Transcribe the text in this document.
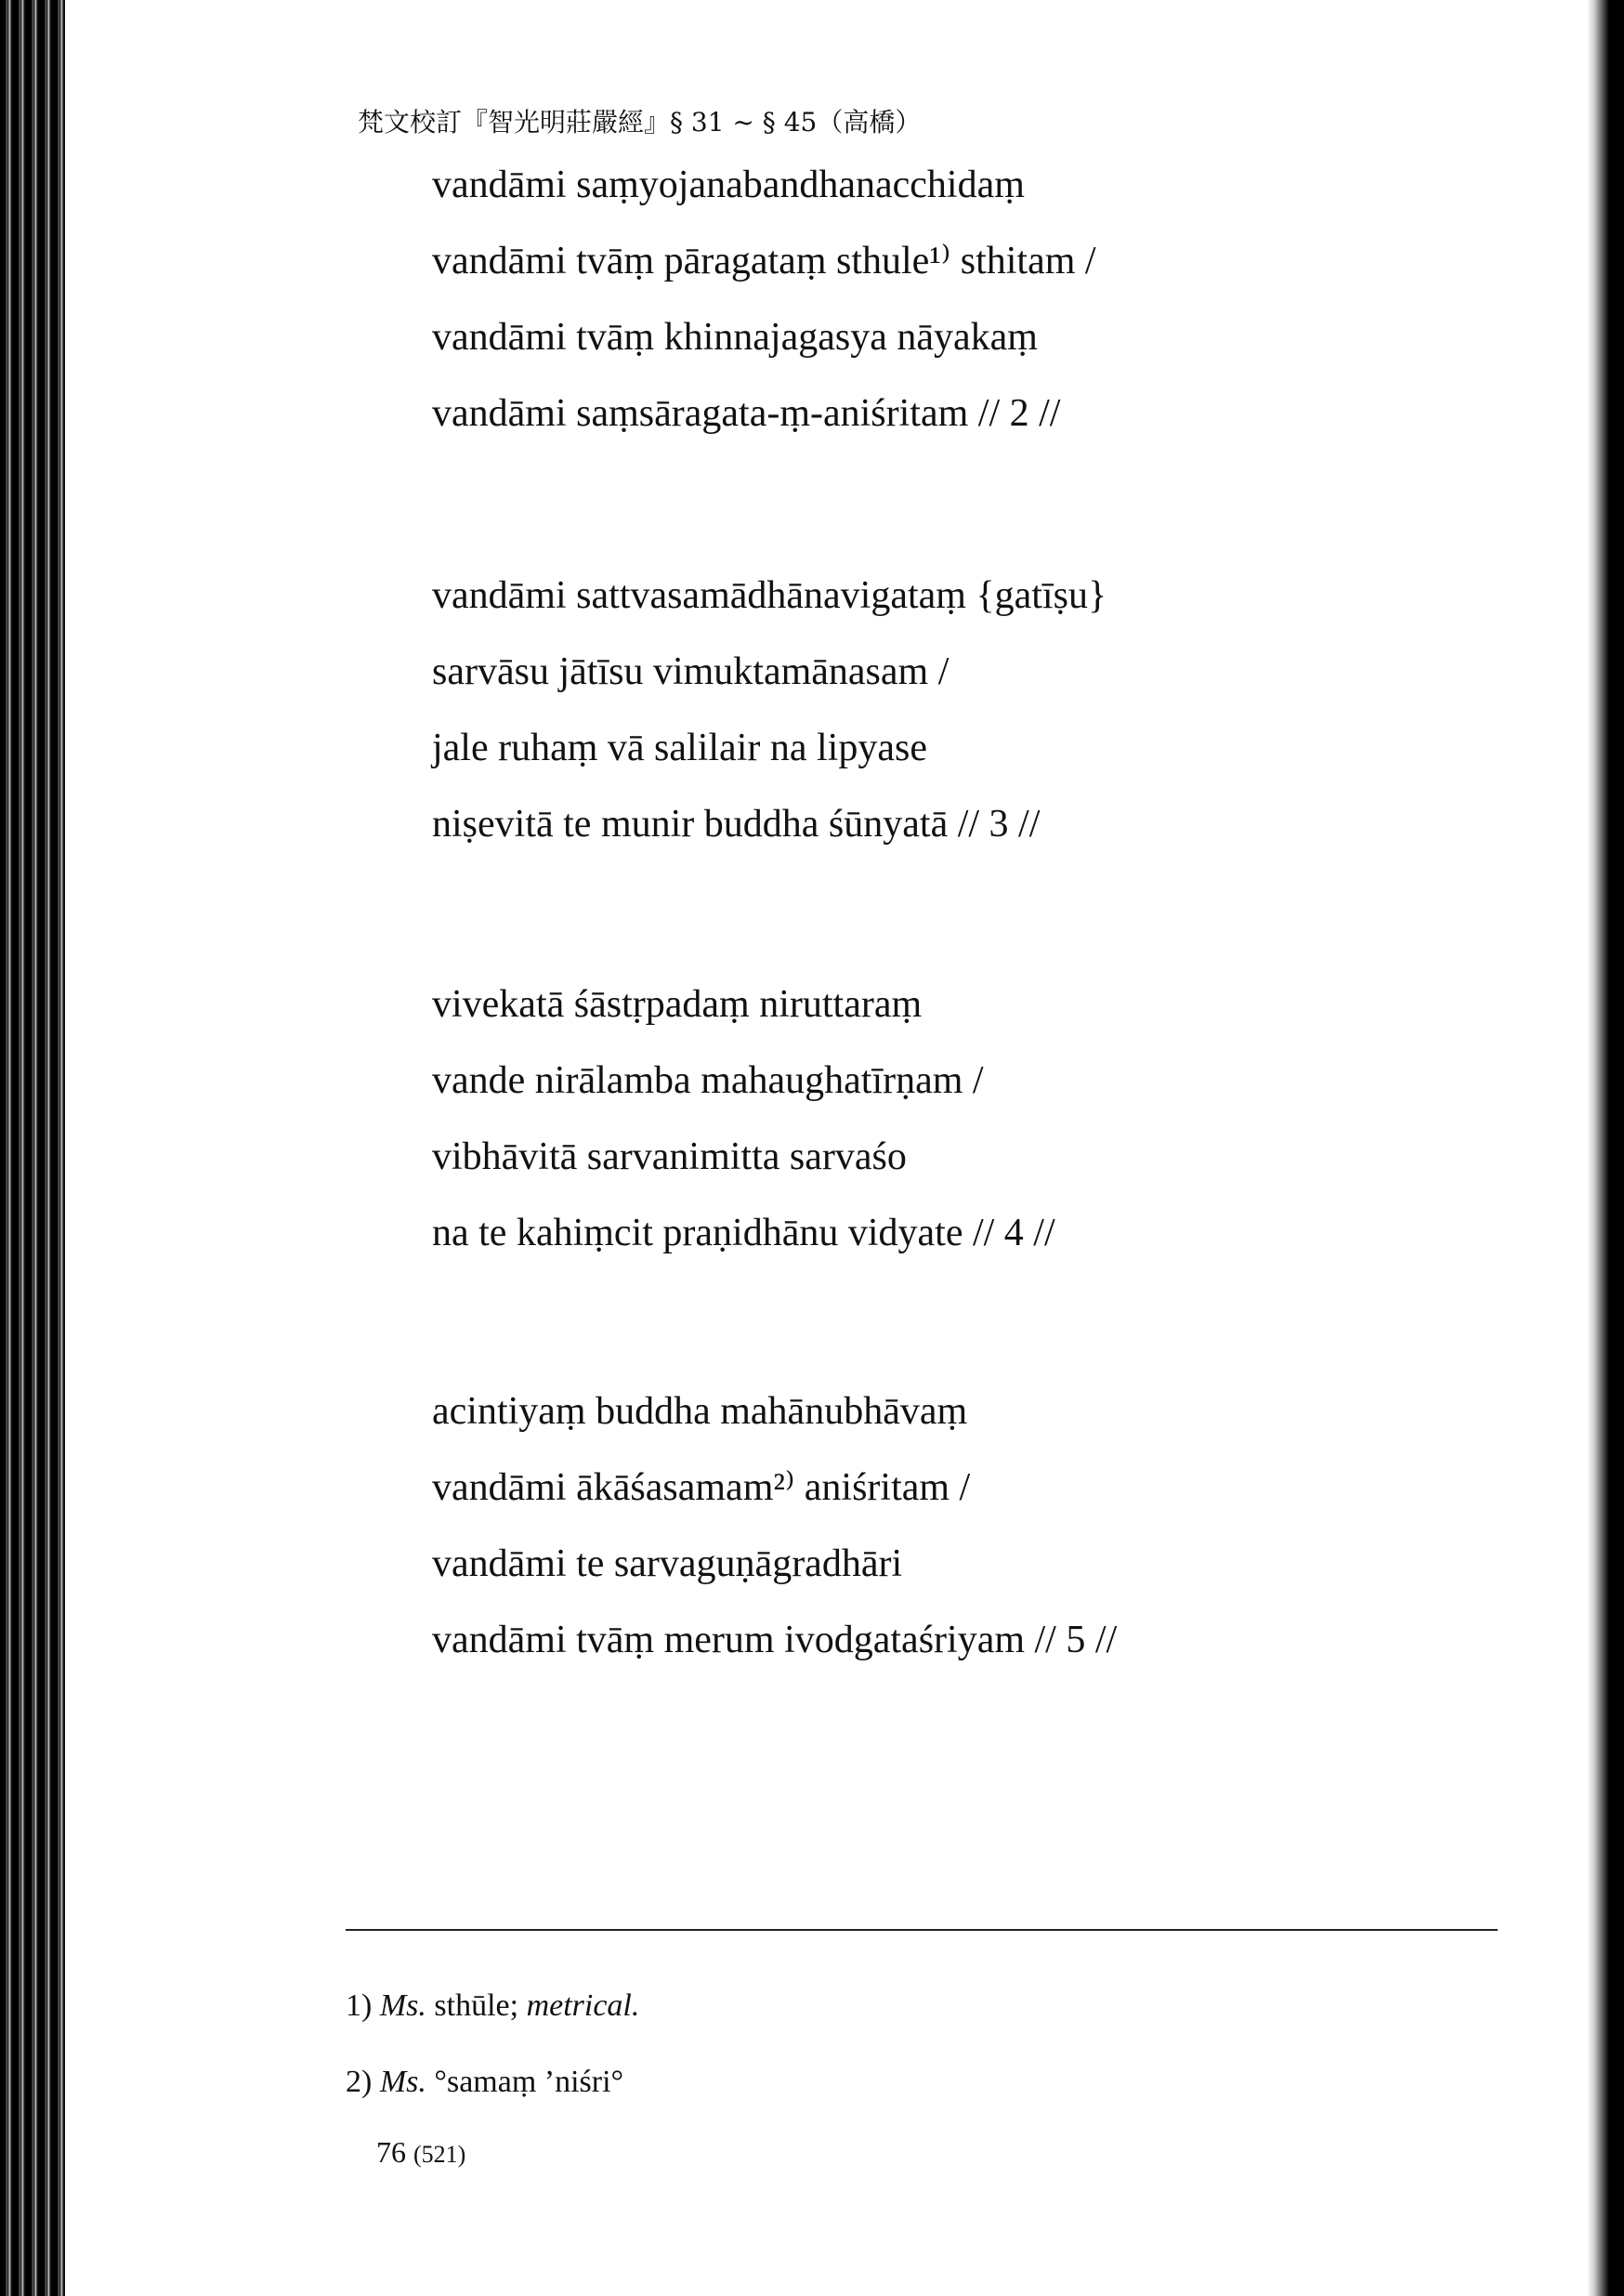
梵文校訂『智光明莊嚴經』§ 31 ~ § 45（高橋）
vandāmi saṃyojanabandhanacchidaṃ
vandāmi tvāṃ pāragataṃ sthule¹⁾ sthitam /
vandāmi tvāṃ khinnajagasya nāyakaṃ
vandāmi saṃsāragata-ṃ-aniśritam // 2 //
vandāmi sattvasamādhānavigataṃ {gatīṣu}
sarvāsu jātīsu vimuktamānasam /
jale ruhaṃ vā salilair na lipyase
niṣevitā te munir buddha śūnyatā // 3 //
vivekatā śāstṛpadaṃ niruttaraṃ
vande nirālamba mahaughatīrṇam /
vibhāvitā sarvanimitta sarvaśo
na te kahiṃcit praṇidhānu vidyate // 4 //
acintiyaṃ buddha mahānubhāvaṃ
vandāmi ākāśasamam²⁾ aniśritam /
vandāmi te sarvaguṇāgradhāri
vandāmi tvāṃ merum ivodgataśriyam // 5 //
1) Ms. sthūle; metrical.
2) Ms. °samaṃ ’niśri°
76 (521)
